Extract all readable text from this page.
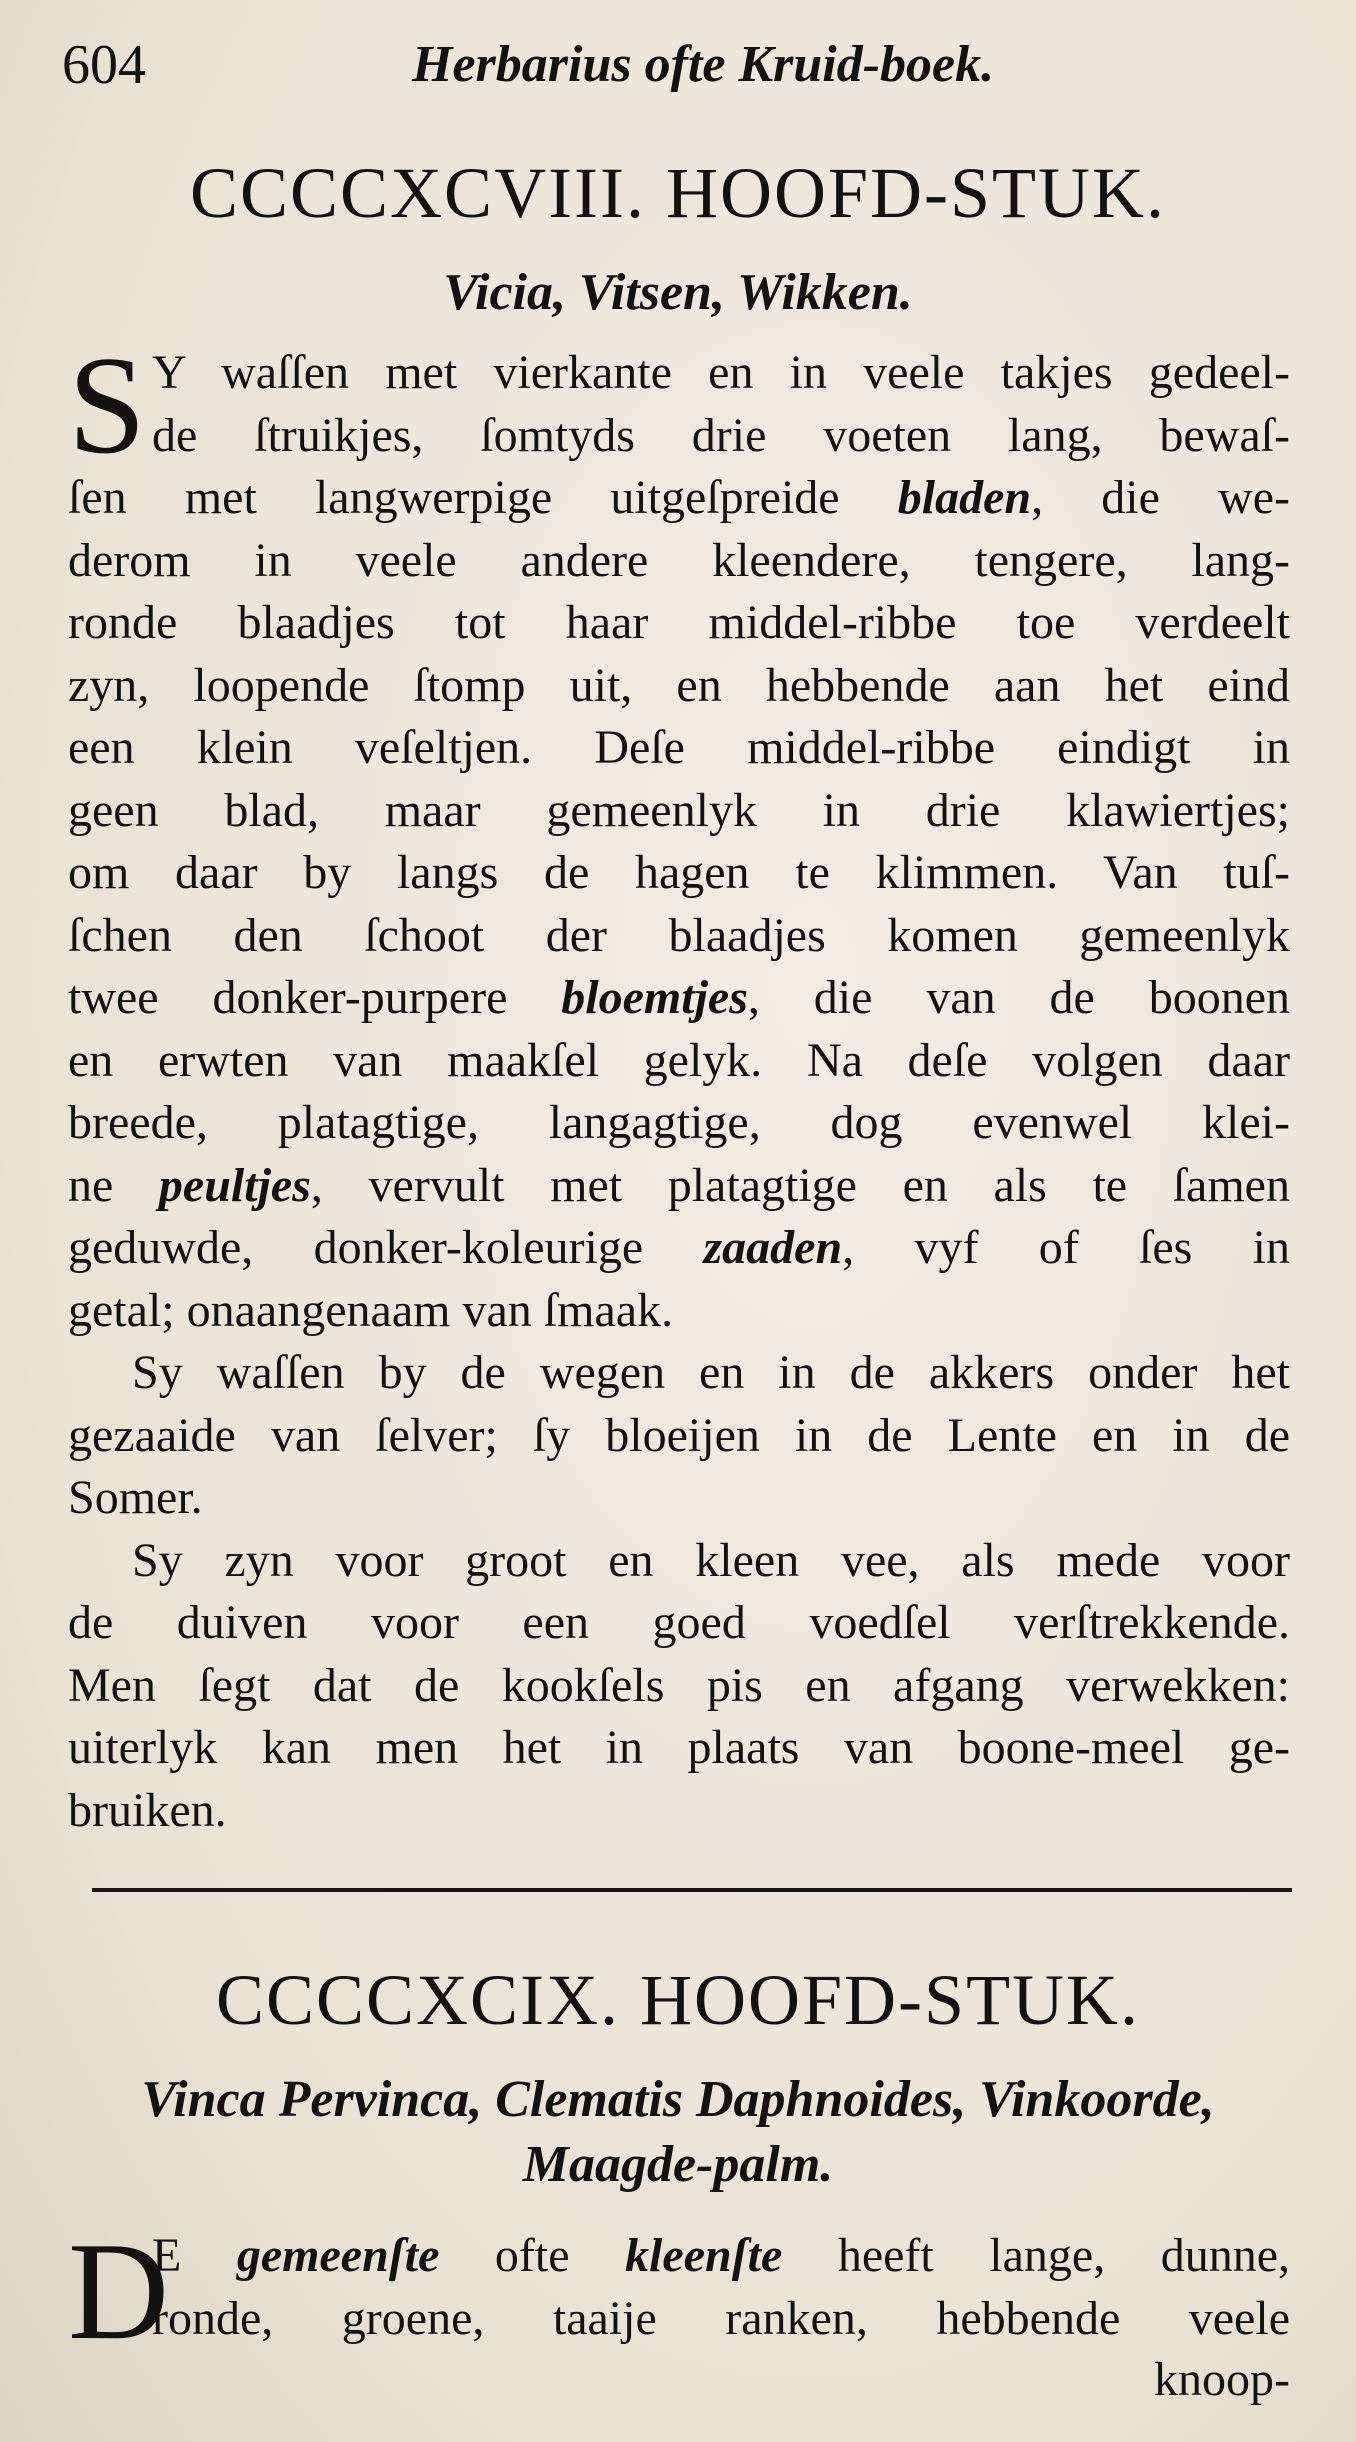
604	Herbarius ofte Kruid-boek.
CCCCXCVIII. HOOFD-STUK.
Vicia, Vitsen, Wikken.
S Y waſſen met vierkante en in veele takjes gedeel-
de ſtruikjes, ſomtyds drie voeten lang, bewaſ-
ſen met langwerpige uitgeſpreide bladen, die we-
derom in veele andere kleendere, tengere, lang-
ronde blaadjes tot haar middel-ribbe toe verdeelt
zyn, loopende ſtomp uit, en hebbende aan het eind
een klein veſeltjen. Deſe middel-ribbe eindigt in
geen blad, maar gemeenlyk in drie klawiertjes;
om daar by langs de hagen te klimmen. Van tuſ-
ſchen den ſchoot der blaadjes komen gemeenlyk
twee donker-purpere bloemtjes, die van de boonen
en erwten van maakſel gelyk. Na deſe volgen daar
breede, platagtige, langagtige, dog evenwel klei-
ne peultjes, vervult met platagtige en als te ſamen
geduwde, donker-koleurige zaaden, vyf of ſes in
getal; onaangenaam van ſmaak.
Sy waſſen by de wegen en in de akkers onder het
gezaaide van ſelver; ſy bloeijen in de Lente en in de
Somer.
Sy zyn voor groot en kleen vee, als mede voor
de duiven voor een goed voedſel verſtrekkende.
Men ſegt dat de kookſels pis en afgang verwekken:
uiterlyk kan men het in plaats van boone-meel ge-
bruiken.
CCCCXCIX. HOOFD-STUK.
Vinca Pervinca, Clematis Daphnoides, Vinkoorde,
Maagde-palm.
D
E gemeenſte ofte kleenſte heeft lange, dunne,
ronde, groene, taaije ranken, hebbende veele
knoop-
